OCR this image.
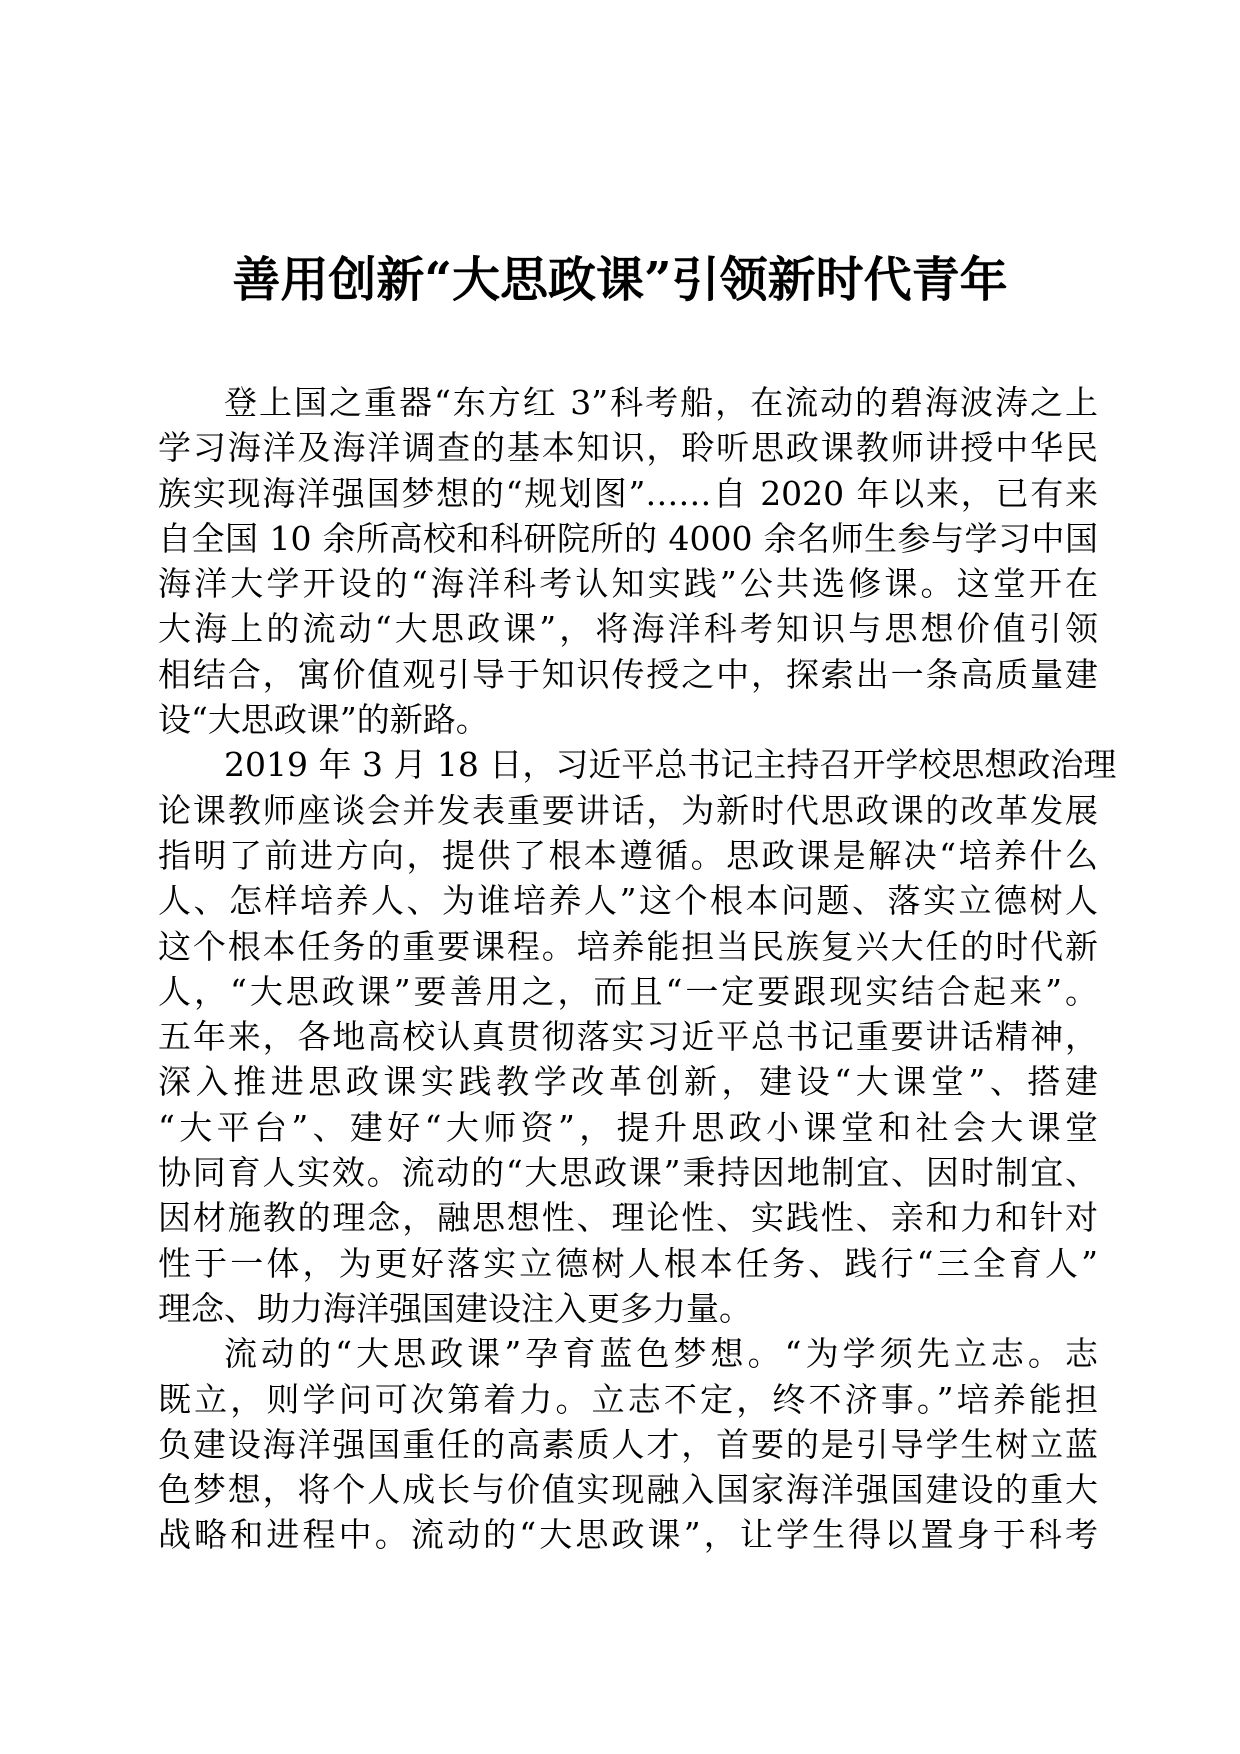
善用创新“大思政课”引领新时代青年
登上国之重器“东方红 3”科考船，在流动的碧海波涛之上
学习海洋及海洋调查的基本知识，聆听思政课教师讲授中华民
族实现海洋强国梦想的“规划图”……自 2020 年以来，已有来
自全国 10 余所高校和科研院所的 4000 余名师生参与学习中国
海洋大学开设的“海洋科考认知实践”公共选修课。这堂开在
大海上的流动“大思政课”，将海洋科考知识与思想价值引领
相结合，寓价值观引导于知识传授之中，探索出一条高质量建
设“大思政课”的新路。
2019 年 3 月 18 日，习近平总书记主持召开学校思想政治理
论课教师座谈会并发表重要讲话，为新时代思政课的改革发展
指明了前进方向，提供了根本遵循。思政课是解决“培养什么
人、怎样培养人、为谁培养人”这个根本问题、落实立德树人
这个根本任务的重要课程。培养能担当民族复兴大任的时代新
人，“大思政课”要善用之，而且“一定要跟现实结合起来”。
五年来，各地高校认真贯彻落实习近平总书记重要讲话精神，
深入推进思政课实践教学改革创新，建设“大课堂”、搭建
“大平台”、建好“大师资”，提升思政小课堂和社会大课堂
协同育人实效。流动的“大思政课”秉持因地制宜、因时制宜、
因材施教的理念，融思想性、理论性、实践性、亲和力和针对
性于一体，为更好落实立德树人根本任务、践行“三全育人”
理念、助力海洋强国建设注入更多力量。
流动的“大思政课”孕育蓝色梦想。“为学须先立志。志
既立，则学问可次第着力。立志不定，终不济事。”培养能担
负建设海洋强国重任的高素质人才，首要的是引导学生树立蓝
色梦想，将个人成长与价值实现融入国家海洋强国建设的重大
战略和进程中。流动的“大思政课”，让学生得以置身于科考
